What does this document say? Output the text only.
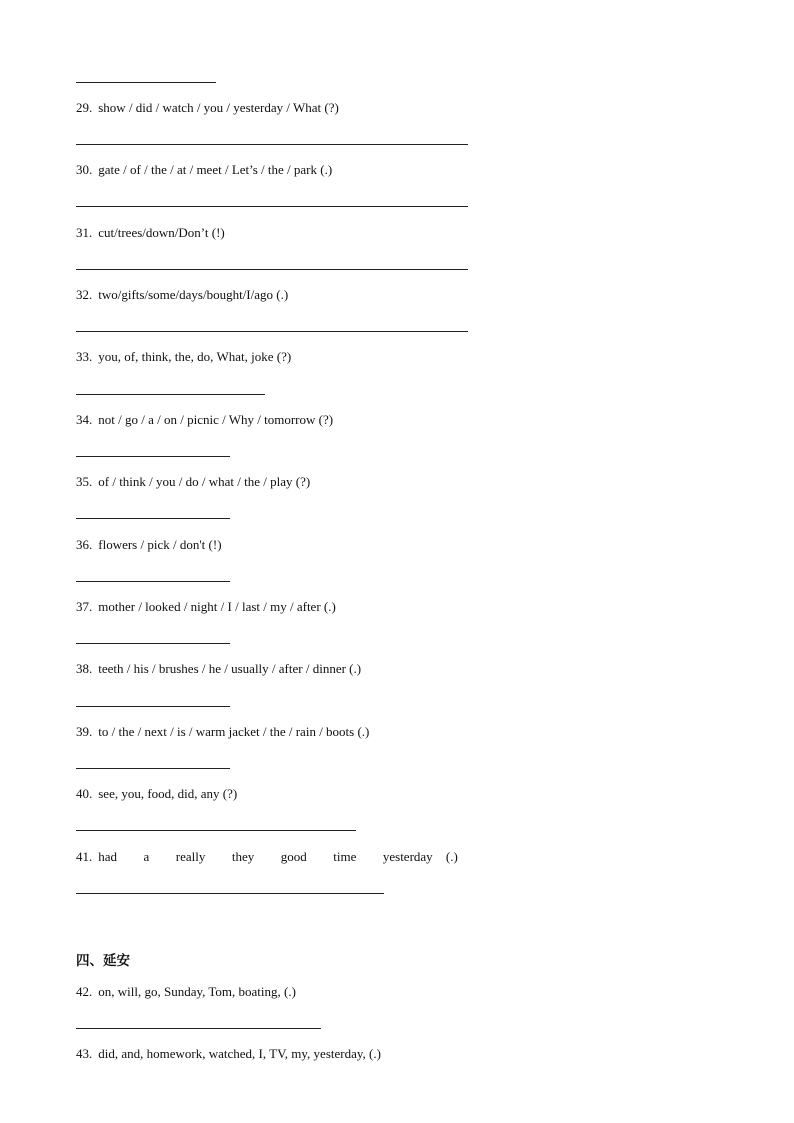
29. show / did / watch / you / yesterday / What (?)
30. gate / of / the / at / meet / Let’s / the / park (.)
31. cut/trees/down/Don’t (!)
32. two/gifts/some/days/bought/I/ago (.)
33. you, of, think, the, do, What, joke (?)
34. not / go / a / on / picnic / Why / tomorrow (?)
35. of / think / you / do / what / the / play (?)
36. flowers / pick / don't (!)
37. mother / looked / night / I / last / my / after (.)
38. teeth / his / brushes / he / usually / after / dinner (.)
39. to / the / next / is / warm jacket / the / rain / boots (.)
40. see, you, food, did, any (?)
41. had  a  really  they  good  time  yesterday (.)
四、延安
42. on, will, go, Sunday, Tom, boating, (.)
43. did, and, homework, watched, I, TV, my, yesterday, (.)
